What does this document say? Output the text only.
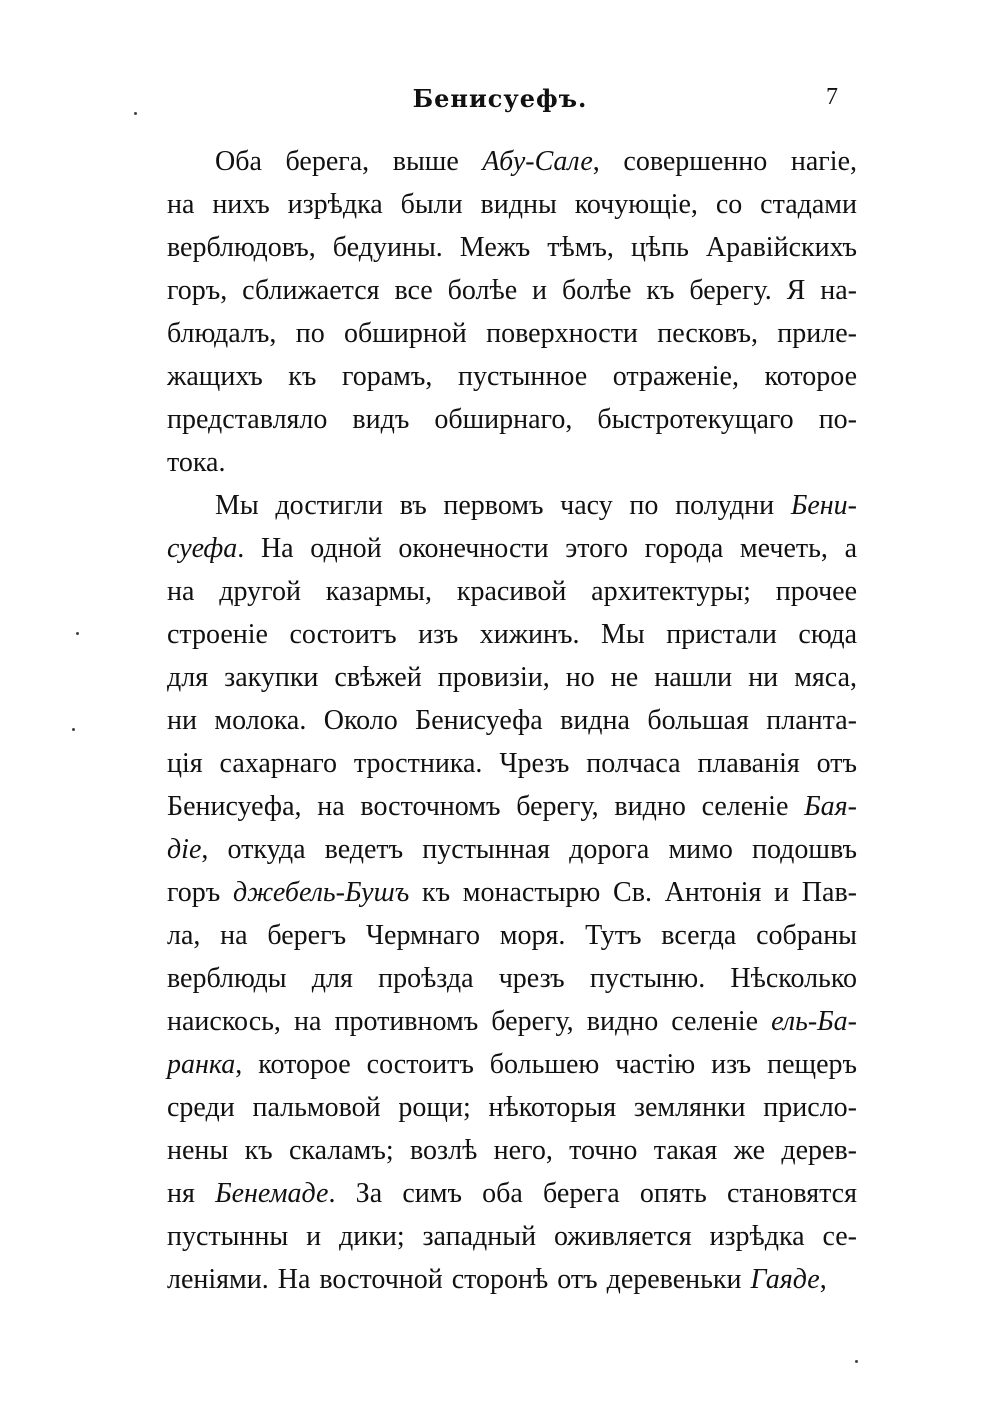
Бенисуефъ.	7
Оба берега, выше Абу-Сале, совершенно нагіе,
на нихъ изрѣдка были видны кочующіе, со стадами
верблюдовъ, бедуины. Межъ тѣмъ, цѣпь Аравійскихъ
горъ, сближается все болѣе и болѣе къ берегу. Я на-
блюдалъ, по обширной поверхности песковъ, приле-
жащихъ къ горамъ, пустынное отраженіе, которое
представляло видъ обширнаго, быстротекущаго по-
тока.
Мы достигли въ первомъ часу по полудни Бени-
суефа. На одной оконечности этого города мечеть, а
на другой казармы, красивой архитектуры; прочее
строеніе состоитъ изъ хижинъ. Мы пристали сюда
для закупки свѣжей провизіи, но не нашли ни мяса,
ни молока. Около Бенисуефа видна большая планта-
ція сахарнаго тростника. Чрезъ полчаса плаванія отъ
Бенисуефа, на восточномъ берегу, видно селеніе Бая-
діе, откуда ведетъ пустынная дорога мимо подошвъ
горъ джебель-Бушъ къ монастырю Св. Антонія и Пав-
ла, на берегъ Чермнаго моря. Тутъ всегда собраны
верблюды для проѣзда чрезъ пустыню. Нѣсколько
наискось, на противномъ берегу, видно селеніе ель-Ба-
ранка, которое состоитъ большею частію изъ пещеръ
среди пальмовой рощи; нѣкоторыя землянки присло-
нены къ скаламъ; возлѣ него, точно такая же дерев-
ня Бенемаде. За симъ оба берега опять становятся
пустынны и дики; западный оживляется изрѣдка се-
леніями. На восточной сторонѣ отъ деревеньки Гаяде,
